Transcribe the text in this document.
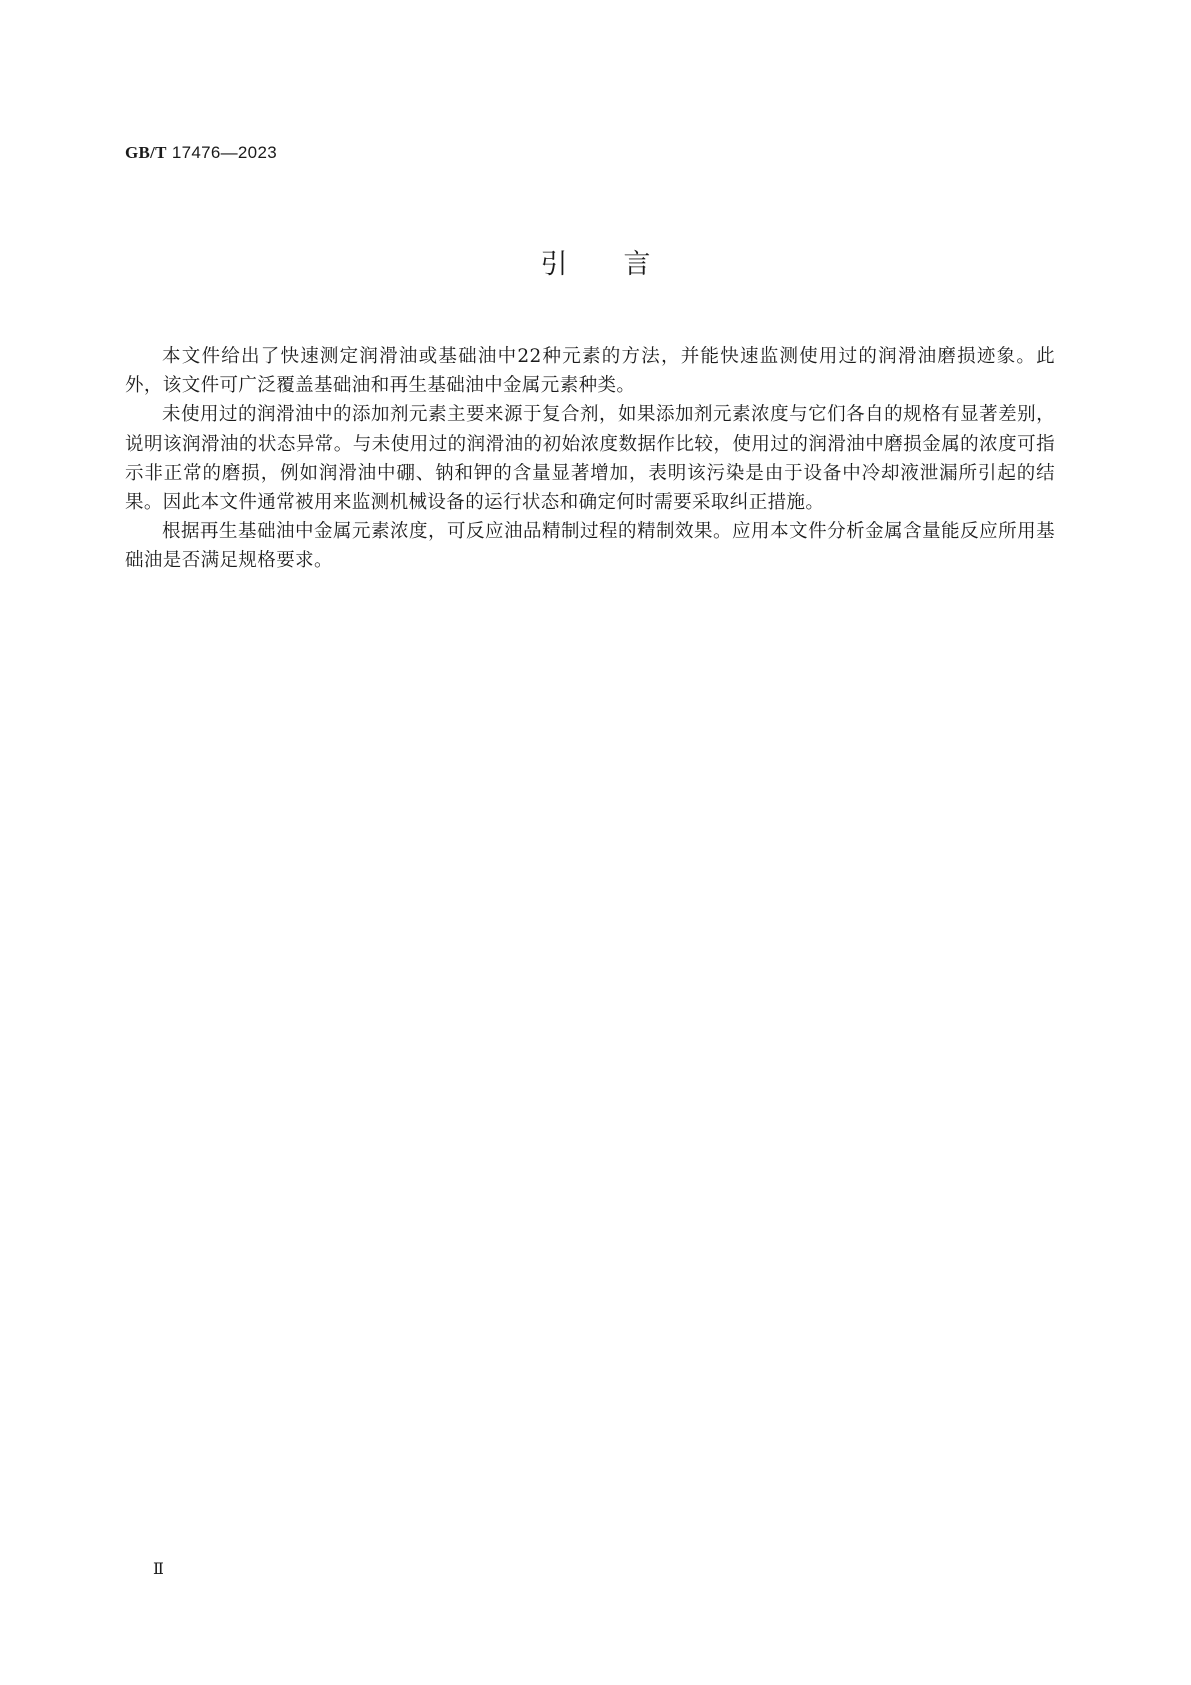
GB/T 17476—2023
引言

本文件给出了快速测定润滑油或基础油中22种元素的方法，并能快速监测使用过的润滑油磨损迹象。此外，该文件可广泛覆盖基础油和再生基础油中金属元素种类。

未使用过的润滑油中的添加剂元素主要来源于复合剂，如果添加剂元素浓度与它们各自的规格有显著差别，说明该润滑油的状态异常。与未使用过的润滑油的初始浓度数据作比较，使用过的润滑油中磨损金属的浓度可指示非正常的磨损，例如润滑油中硼、钠和钾的含量显著增加，表明该污染是由于设备中冷却液泄漏所引起的结果。因此本文件通常被用来监测机械设备的运行状态和确定何时需要采取纠正措施。

根据再生基础油中金属元素浓度，可反应油品精制过程的精制效果。应用本文件分析金属含量能反应所用基础油是否满足规格要求。

Ⅱ
